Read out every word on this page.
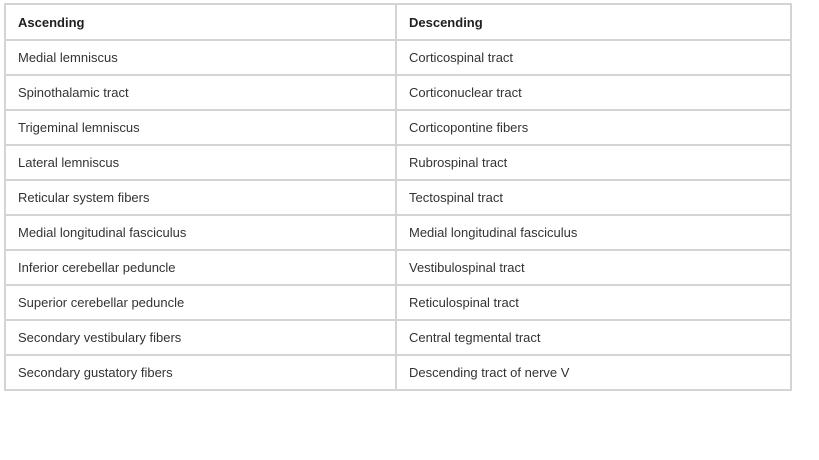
Ascending	Descending
Medial lemniscus	Corticospinal tract
Spinothalamic tract	Corticonuclear tract
Trigeminal lemniscus	Corticopontine fibers
Lateral lemniscus	Rubrospinal tract
Reticular system fibers	Tectospinal tract
Medial longitudinal fasciculus	Medial longitudinal fasciculus
Inferior cerebellar peduncle	Vestibulospinal tract
Superior cerebellar peduncle	Reticulospinal tract
Secondary vestibulary fibers	Central tegmental tract
Secondary gustatory fibers	Descending tract of nerve V
